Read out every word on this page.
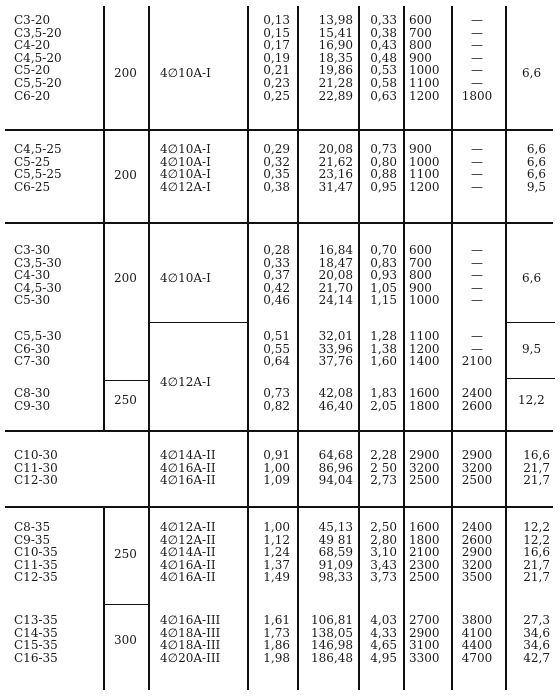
C3-20
C3,5-20
C4-20
C4,5-20
C5-20
C5,5-20
C6-20
200 4∅10A-I
0,13
0,15
0,17
0,19
0,21
0,23
0,25
13,98
15,41
16,90
18,35
19,86
21,28
22,89
0,33
0,38
0,43
0,48
0,53
0,58
0,63
600
700
800
900
1000
1100
1200
—
—
—
—
—
—
1800
6,6
C4,5-25
C5-25
C5,5-25
C6-25
200
4∅10A-I
4∅10A-I
4∅10A-I
4∅12A-I
0,29
0,32
0,35
0,38
20,08
21,62
23,16
31,47
0,73
0,80
0,88
0,95
900
1000
1100
1200
—
—
—
—
6,6
6,6
6,6
9,5
C3-30
C3,5-30
C4-30
C4,5-30
C5-30
C5,5-30
C6-30
C7-30
C8-30
C9-30
200
250
4∅10A-I
4∅12A-I
0,28
0,33
0,37
0,42
0,46
0,51
0,55
0,64
0,73
0,82
16,84
18,47
20,08
21,70
24,14
32,01
33,96
37,76
42,08
46,40
0,70
0,83
0,93
1,05
1,15
1,28
1,38
1,60
1,83
2,05
600
700
800
900
1000
1100
1200
1400
1600
1800
—
—
—
—
—
—
—
2100
2400
2600
6,6
9,5
12,2
C10-30
C11-30
C12-30
4∅14A-II
4∅16A-II
4∅16A-II
0,91
1,00
1,09
64,68
86,96
94,04
2,28
2 50
2,73
2900
3200
2500
2900
3200
2500
16,6
21,7
21,7
C8-35
C9-35
C10-35
C11-35
C12-35
C13-35
C14-35
C15-35
C16-35
250
300
4∅12A-II
4∅12A-II
4∅14A-II
4∅16A-II
4∅16A-II
4∅16A-III
4∅18A-III
4∅18A-III
4∅20A-III
1,00
1,12
1,24
1,37
1,49
1,61
1,73
1,86
1,98
45,13
49 81
68,59
91,09
98,33
106,81
138,05
146,98
186,48
2,50
2,80
3,10
3,43
3,73
4,03
4,33
4,65
4,95
1600
1800
2100
2300
2500
2700
2900
3100
3300
2400
2600
2900
3200
3500
3800
4100
4400
4700
12,2
12,2
16,6
21,7
21,7
27,3
34,6
34,6
42,7
